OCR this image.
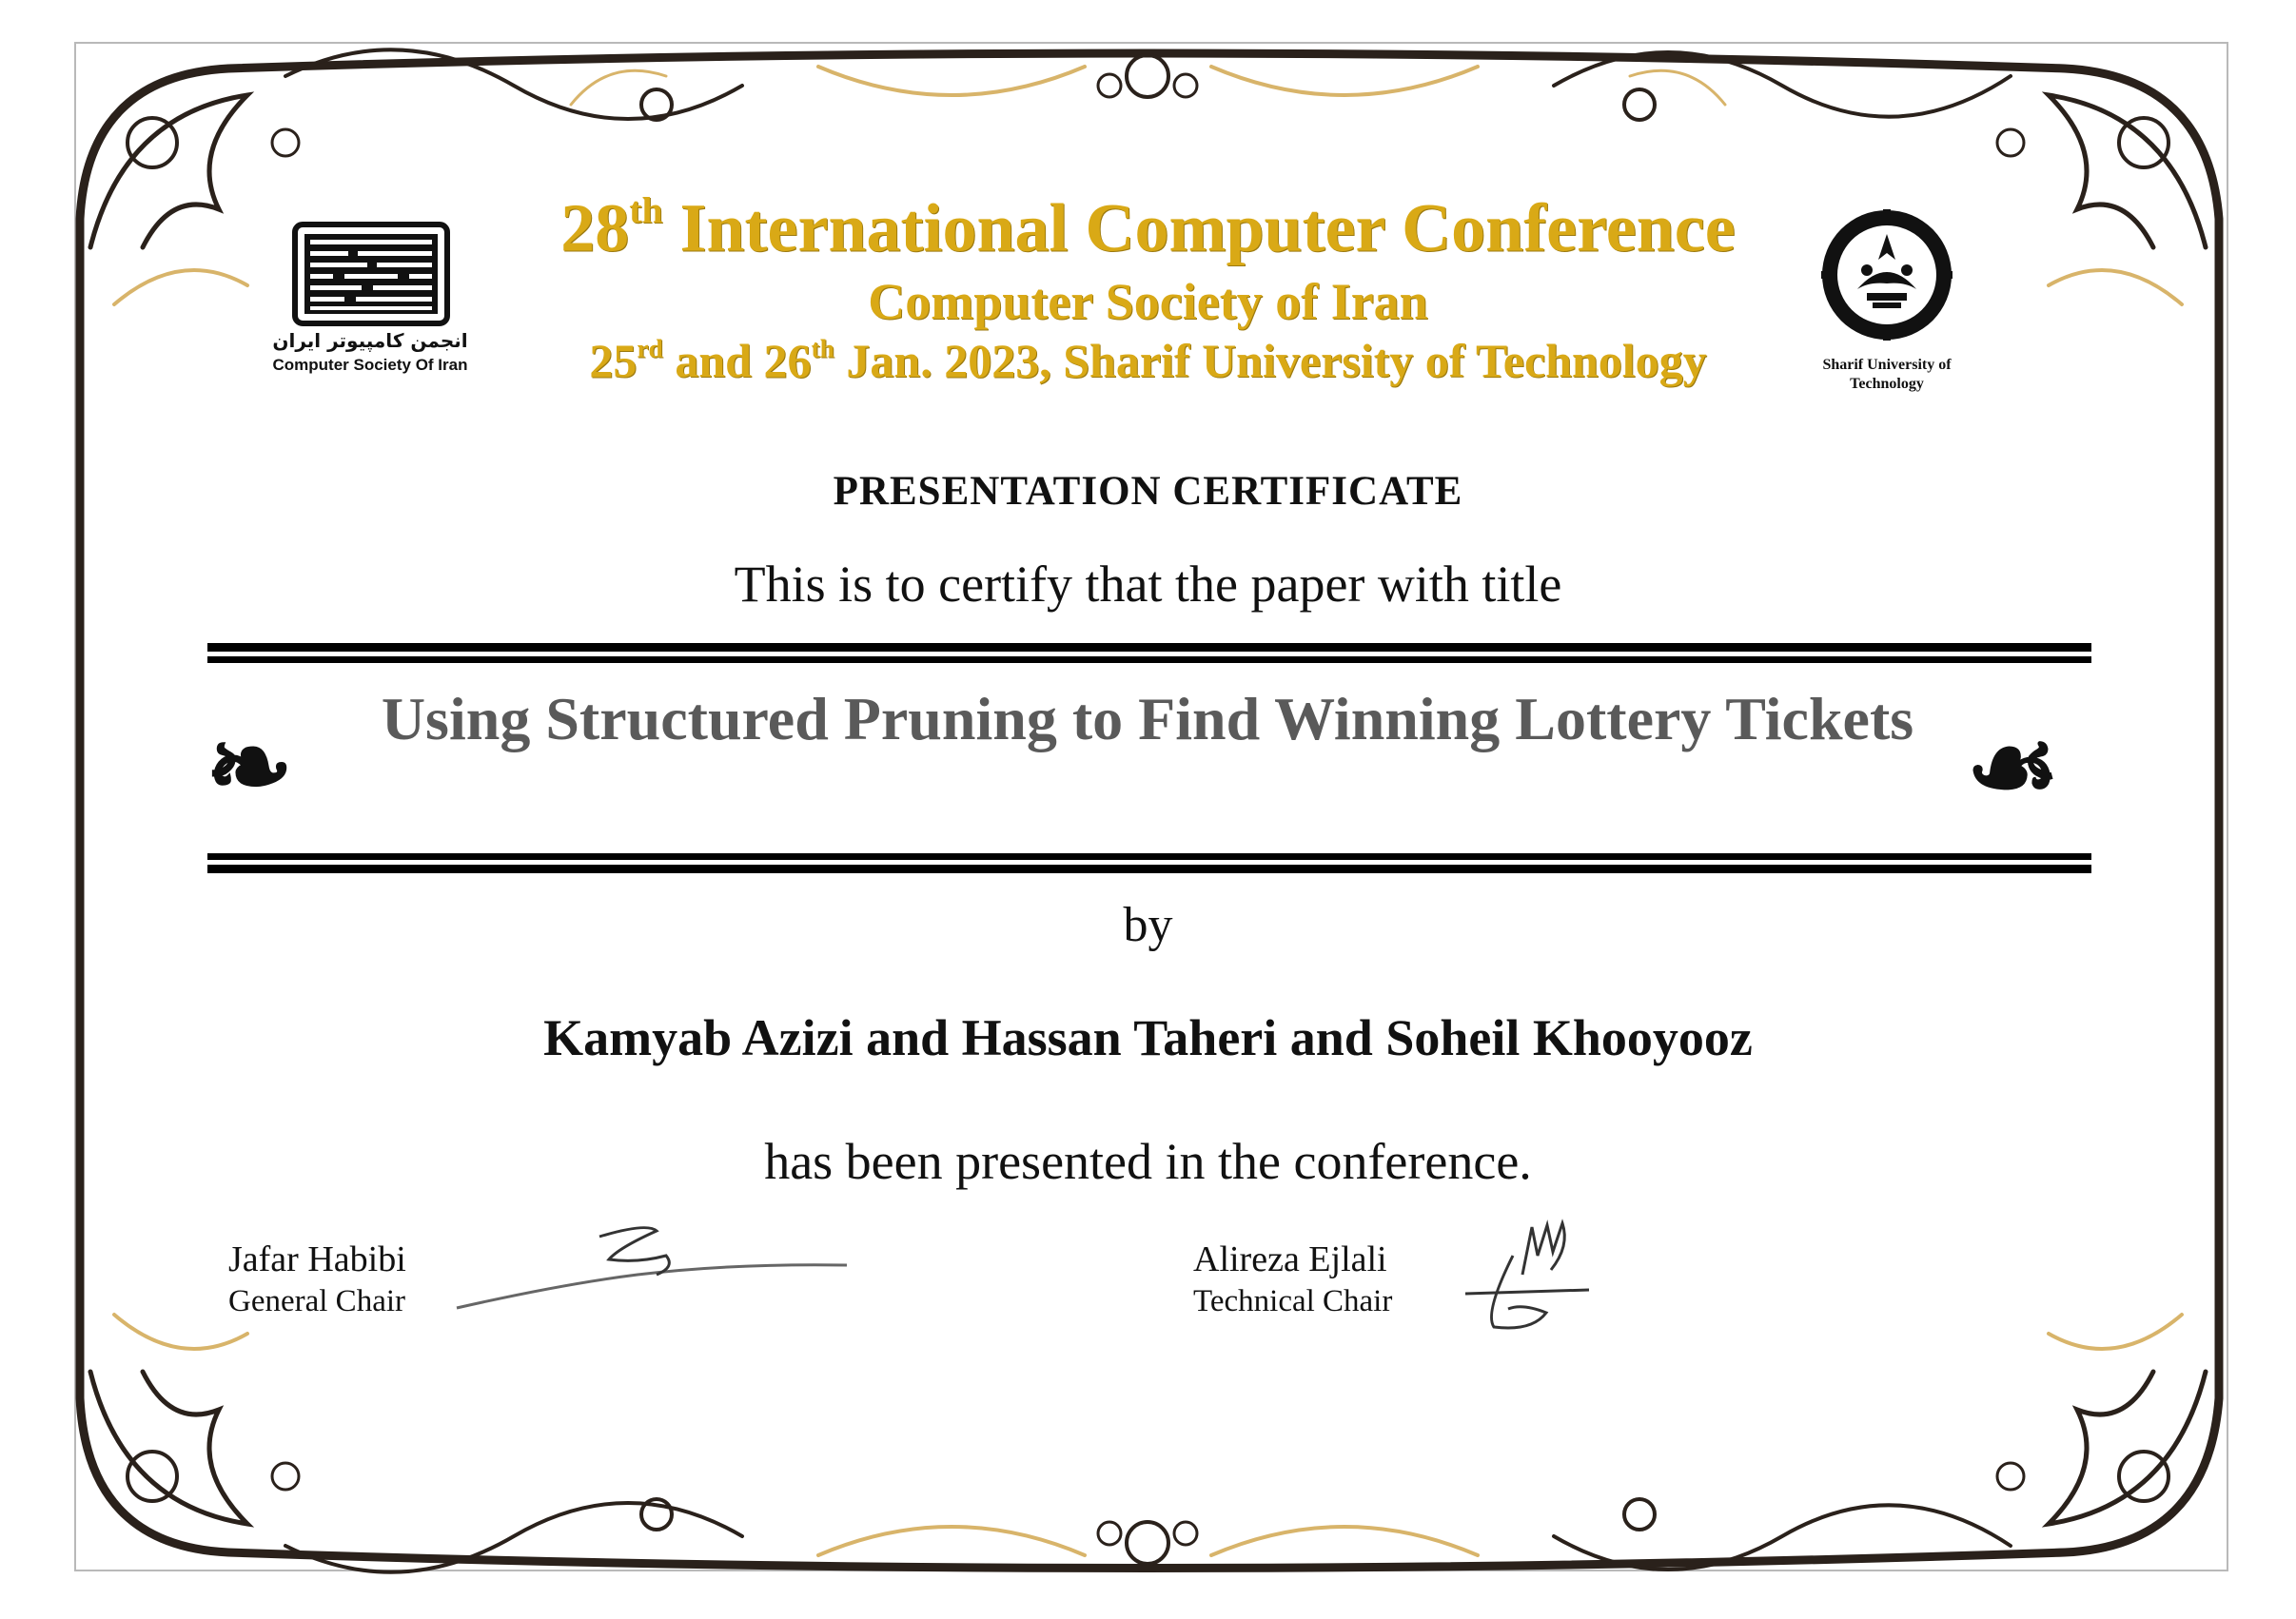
انجمن کامپیوتر ایران
Computer Society Of Iran	Sharif University of Technology
28th International Computer Conference
Computer Society of Iran
25rd and 26th Jan. 2023, Sharif University of Technology
PRESENTATION CERTIFICATE
This is to certify that the paper with title
❧ Using Structured Pruning to Find Winning Lottery Tickets ☙
by
Kamyab Azizi and Hassan Taheri and Soheil Khooyooz
has been presented in the conference.
Jafar Habibi
General Chair
Alireza Ejlali
Technical Chair
